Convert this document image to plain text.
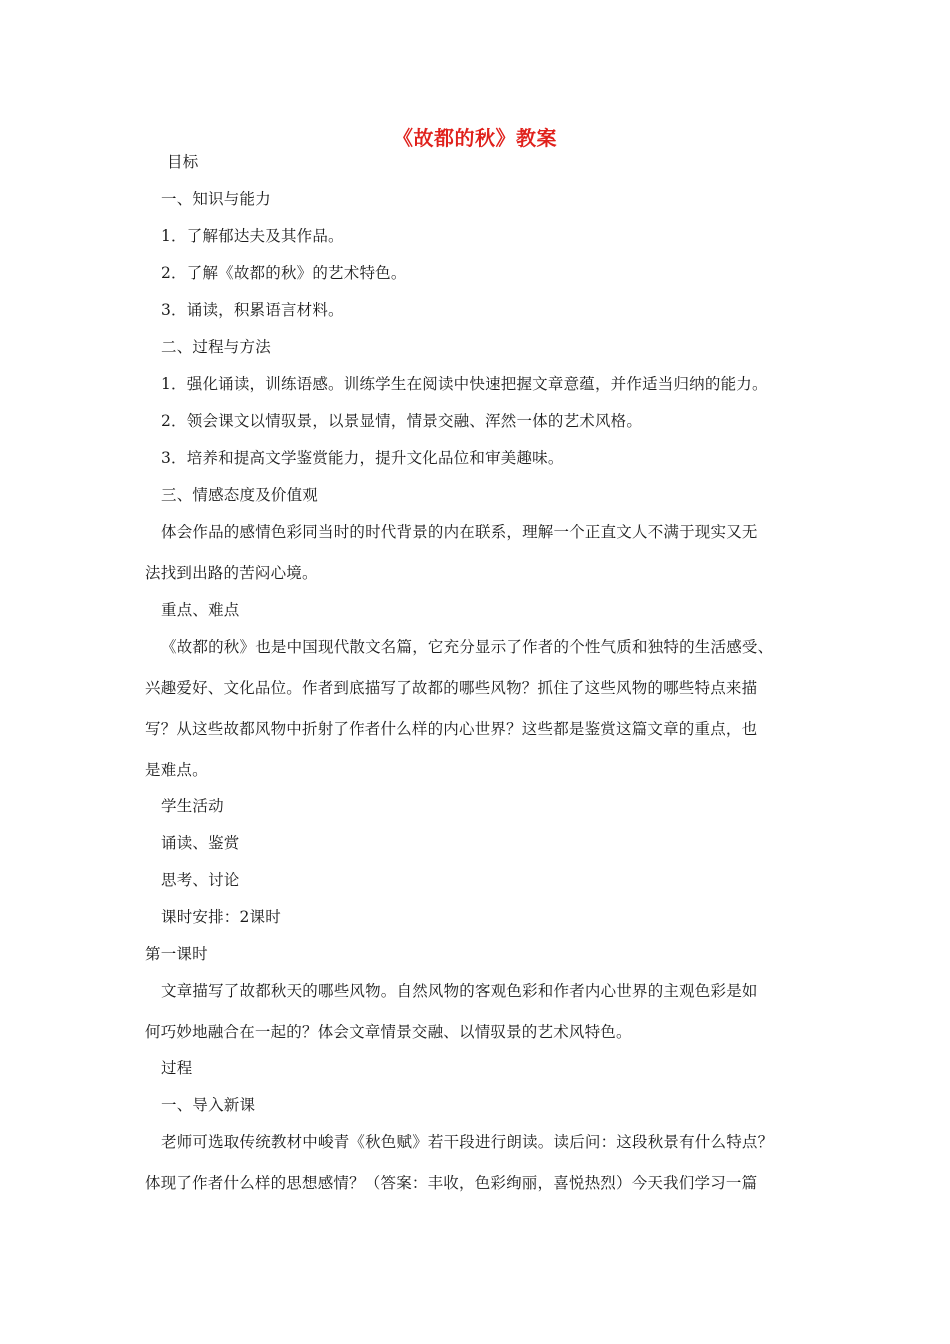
《故都的秋》教案
目标
一、知识与能力
1．了解郁达夫及其作品。
2．了解《故都的秋》的艺术特色。
3．诵读，积累语言材料。
二、过程与方法
1．强化诵读，训练语感。训练学生在阅读中快速把握文章意蕴，并作适当归纳的能力。
2．领会课文以情驭景，以景显情，情景交融、浑然一体的艺术风格。
3．培养和提高文学鉴赏能力，提升文化品位和审美趣味。
三、情感态度及价值观
体会作品的感情色彩同当时的时代背景的内在联系，理解一个正直文人不满于现实又无
法找到出路的苦闷心境。
重点、难点
《故都的秋》也是中国现代散文名篇，它充分显示了作者的个性气质和独特的生活感受、
兴趣爱好、文化品位。作者到底描写了故都的哪些风物？抓住了这些风物的哪些特点来描
写？从这些故都风物中折射了作者什么样的内心世界？这些都是鉴赏这篇文章的重点，也
是难点。
学生活动
诵读、鉴赏
思考、讨论
课时安排：2课时
第一课时
文章描写了故都秋天的哪些风物。自然风物的客观色彩和作者内心世界的主观色彩是如
何巧妙地融合在一起的？体会文章情景交融、以情驭景的艺术风特色。
过程
一、导入新课
老师可选取传统教材中峻青《秋色赋》若干段进行朗读。读后问：这段秋景有什么特点？
体现了作者什么样的思想感情？（答案：丰收，色彩绚丽，喜悦热烈）今天我们学习一篇
